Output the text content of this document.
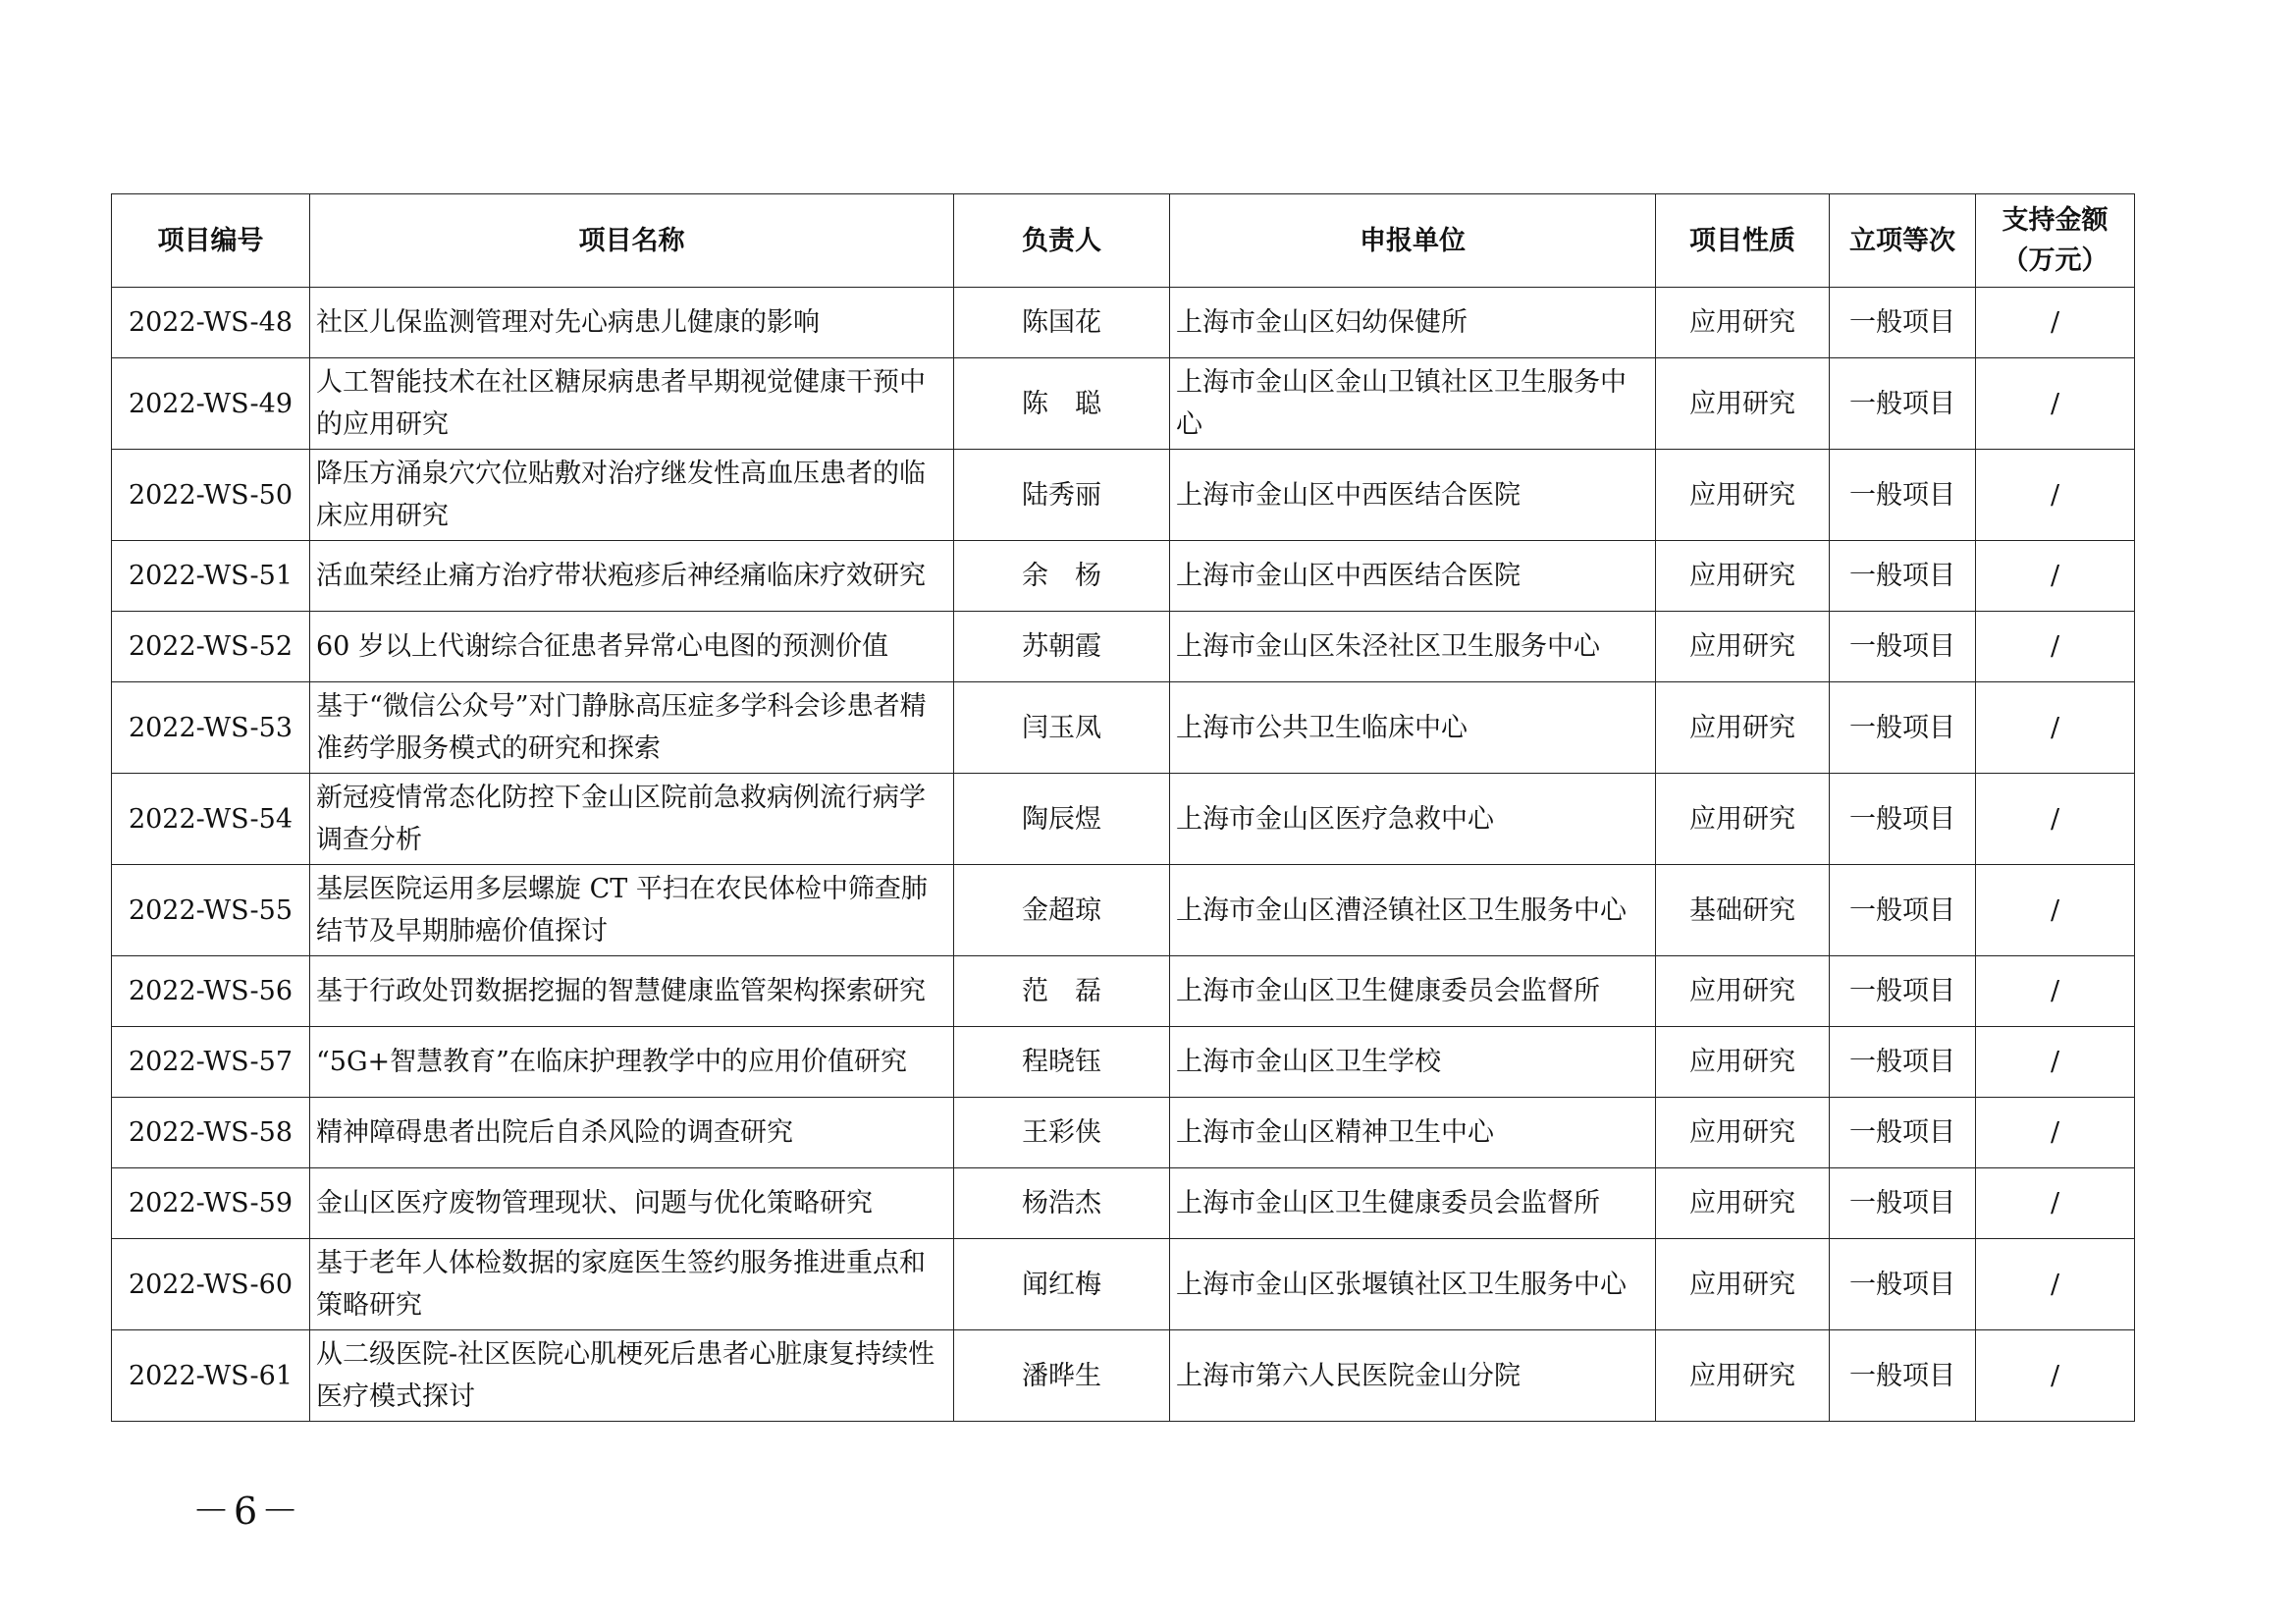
项目编号	项目名称	负责人	申报单位	项目性质	立项等次	支持金额（万元）
2022-WS-48	社区儿保监测管理对先心病患儿健康的影响	陈国花	上海市金山区妇幼保健所	应用研究	一般项目	/
2022-WS-49	人工智能技术在社区糖尿病患者早期视觉健康干预中的应用研究	陈　聪	上海市金山区金山卫镇社区卫生服务中心	应用研究	一般项目	/
2022-WS-50	降压方涌泉穴穴位贴敷对治疗继发性高血压患者的临床应用研究	陆秀丽	上海市金山区中西医结合医院	应用研究	一般项目	/
2022-WS-51	活血荣经止痛方治疗带状疱疹后神经痛临床疗效研究	余　杨	上海市金山区中西医结合医院	应用研究	一般项目	/
2022-WS-52	60 岁以上代谢综合征患者异常心电图的预测价值	苏朝霞	上海市金山区朱泾社区卫生服务中心	应用研究	一般项目	/
2022-WS-53	基于“微信公众号”对门静脉高压症多学科会诊患者精准药学服务模式的研究和探索	闫玉凤	上海市公共卫生临床中心	应用研究	一般项目	/
2022-WS-54	新冠疫情常态化防控下金山区院前急救病例流行病学调查分析	陶辰煜	上海市金山区医疗急救中心	应用研究	一般项目	/
2022-WS-55	基层医院运用多层螺旋 CT 平扫在农民体检中筛查肺结节及早期肺癌价值探讨	金超琼	上海市金山区漕泾镇社区卫生服务中心	基础研究	一般项目	/
2022-WS-56	基于行政处罚数据挖掘的智慧健康监管架构探索研究	范　磊	上海市金山区卫生健康委员会监督所	应用研究	一般项目	/
2022-WS-57	“5G+智慧教育”在临床护理教学中的应用价值研究	程晓钰	上海市金山区卫生学校	应用研究	一般项目	/
2022-WS-58	精神障碍患者出院后自杀风险的调查研究	王彩侠	上海市金山区精神卫生中心	应用研究	一般项目	/
2022-WS-59	金山区医疗废物管理现状、问题与优化策略研究	杨浩杰	上海市金山区卫生健康委员会监督所	应用研究	一般项目	/
2022-WS-60	基于老年人体检数据的家庭医生签约服务推进重点和策略研究	闻红梅	上海市金山区张堰镇社区卫生服务中心	应用研究	一般项目	/
2022-WS-61	从二级医院-社区医院心肌梗死后患者心脏康复持续性医疗模式探讨	潘晔生	上海市第六人民医院金山分院	应用研究	一般项目	/
－6－
